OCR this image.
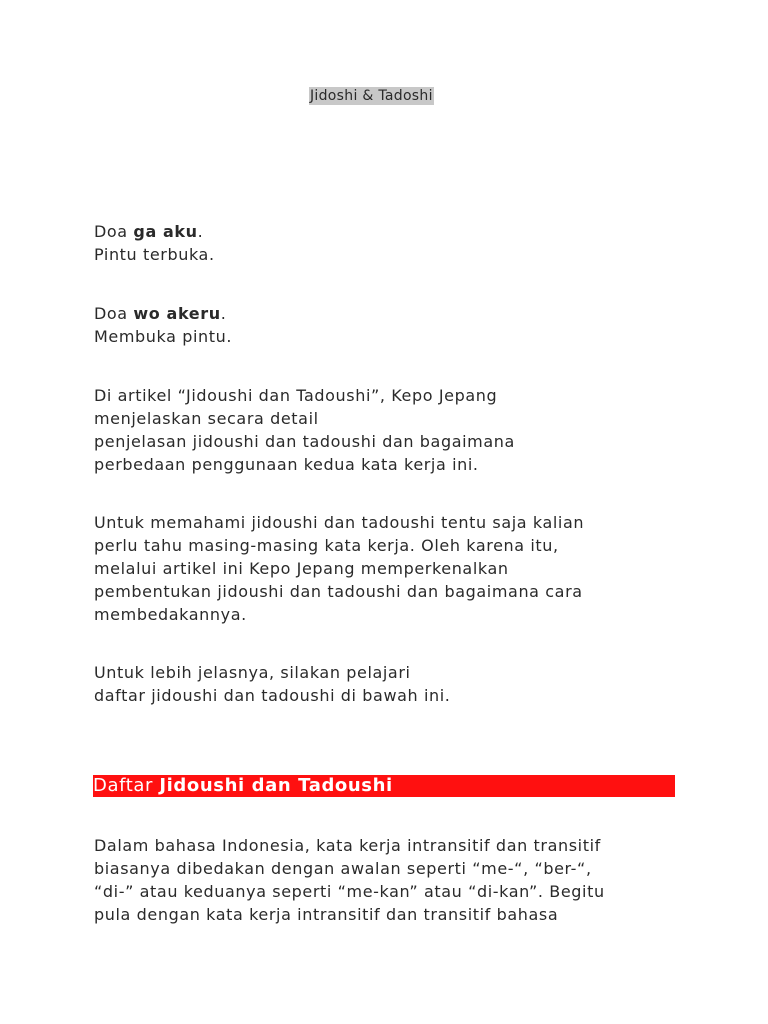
Jidoshi & Tadoshi
Doa ga aku.
Pintu terbuka.
Doa wo akeru.
Membuka pintu.
Di artikel “Jidoushi dan Tadoushi”, Kepo Jepang
menjelaskan secara detail
penjelasan jidoushi dan tadoushi dan bagaimana
perbedaan penggunaan kedua kata kerja ini.
Untuk memahami jidoushi dan tadoushi tentu saja kalian
perlu tahu masing-masing kata kerja. Oleh karena itu,
melalui artikel ini Kepo Jepang memperkenalkan
pembentukan jidoushi dan tadoushi dan bagaimana cara
membedakannya.
Untuk lebih jelasnya, silakan pelajari
daftar jidoushi dan tadoushi di bawah ini.
Daftar Jidoushi dan Tadoushi
Dalam bahasa Indonesia, kata kerja intransitif dan transitif
biasanya dibedakan dengan awalan seperti “me-“, “ber-“,
“di-” atau keduanya seperti “me-kan” atau “di-kan”. Begitu
pula dengan kata kerja intransitif dan transitif bahasa
